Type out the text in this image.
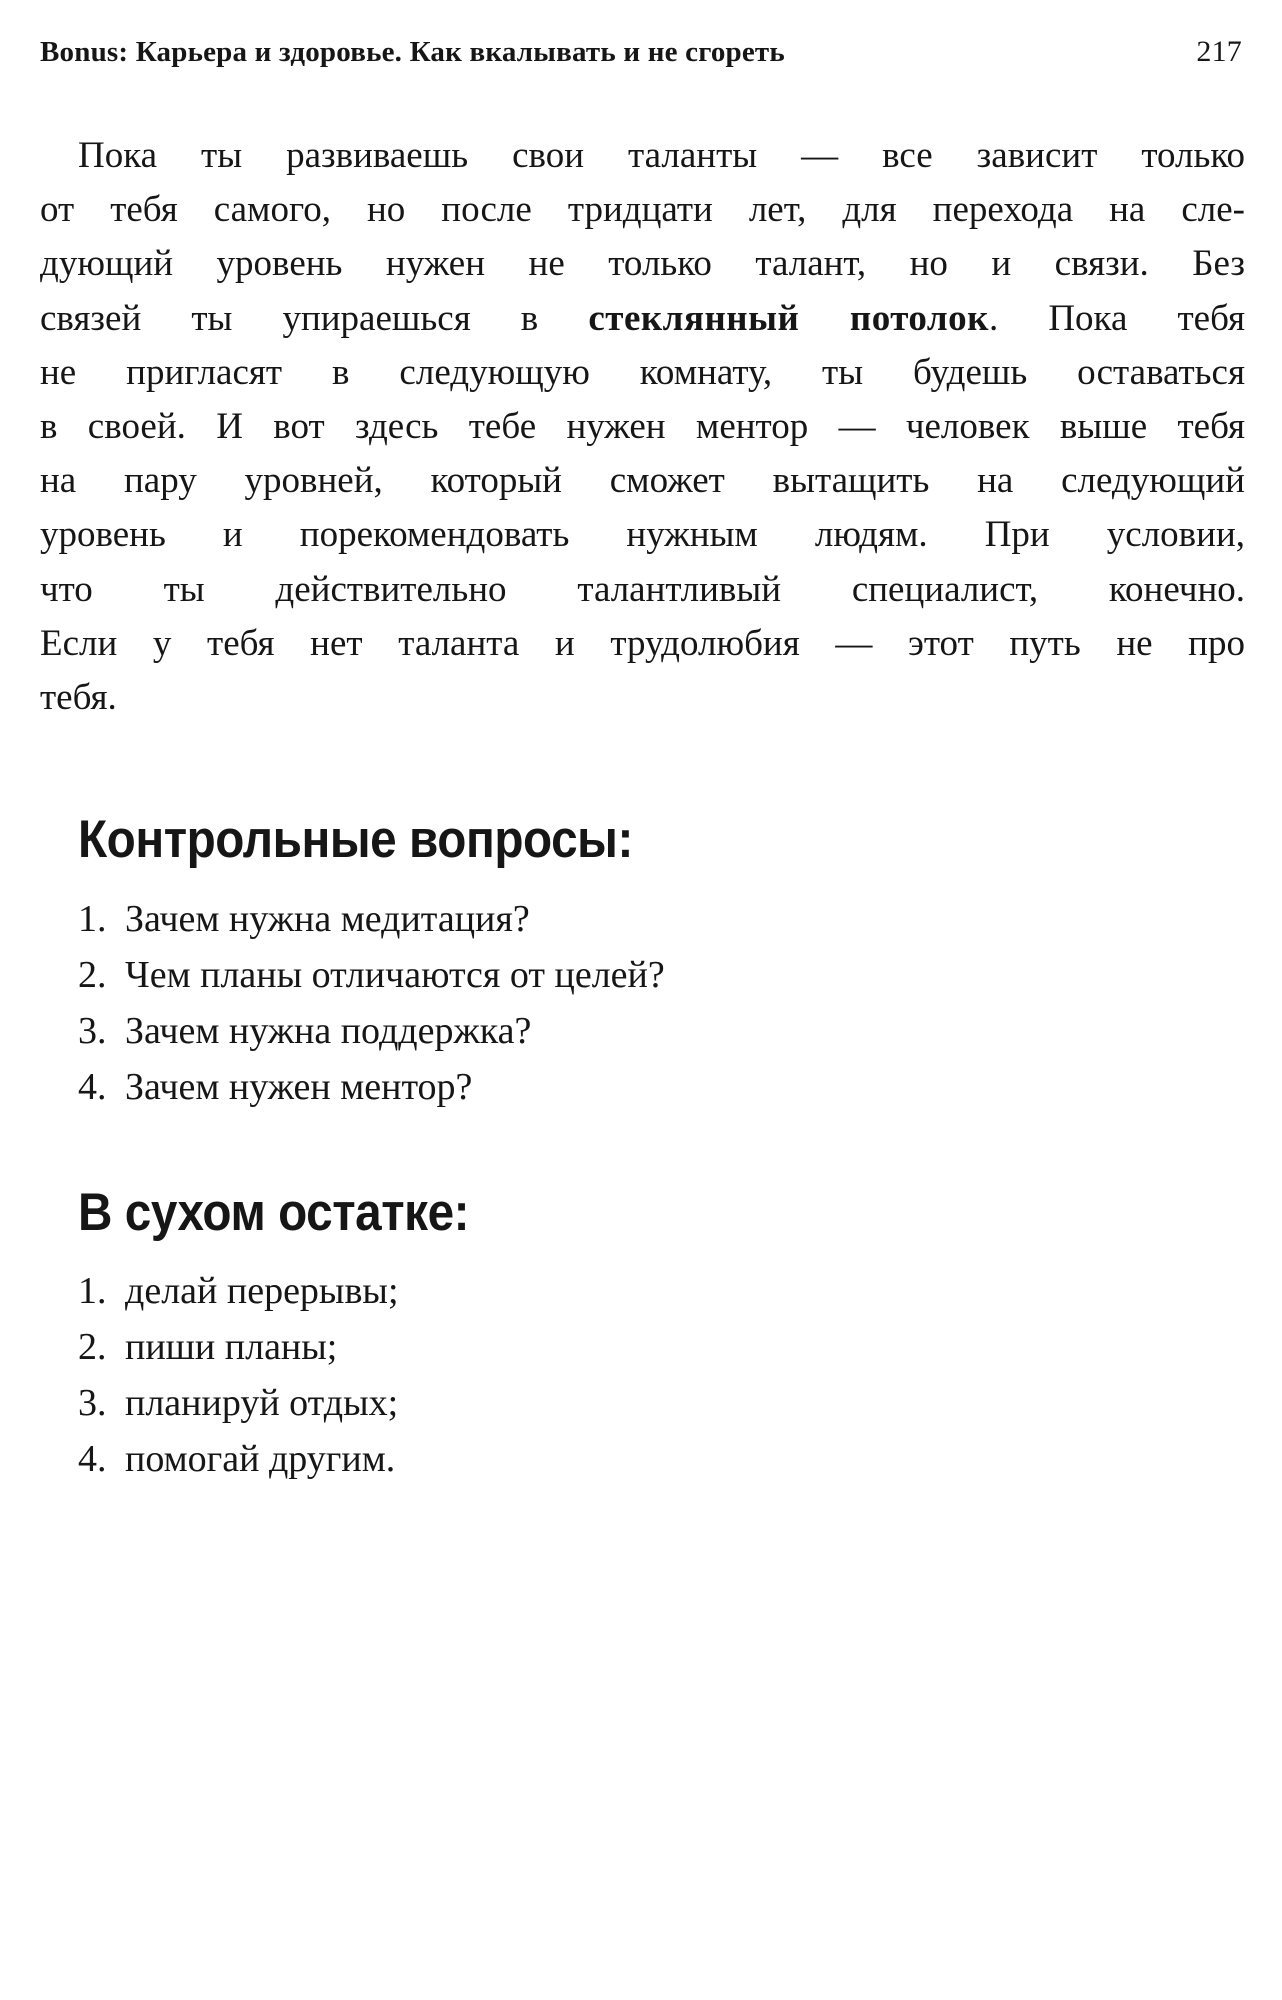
Bonus: Карьера и здоровье. Как вкалывать и не сгореть	217
Пока ты развиваешь свои таланты — все зависит только
от тебя самого, но после тридцати лет, для перехода на сле-
дующий уровень нужен не только талант, но и связи. Без
связей ты упираешься в стеклянный потолок. Пока тебя
не пригласят в следующую комнату, ты будешь оставаться
в своей. И вот здесь тебе нужен ментор — человек выше тебя
на пару уровней, который сможет вытащить на следующий
уровень и порекомендовать нужным людям. При условии,
что ты действительно талантливый специалист, конечно.
Если у тебя нет таланта и трудолюбия — этот путь не про
тебя.
Контрольные вопросы:
1. Зачем нужна медитация?
2. Чем планы отличаются от целей?
3. Зачем нужна поддержка?
4. Зачем нужен ментор?
В сухом остатке:
1. делай перерывы;
2. пиши планы;
3. планируй отдых;
4. помогай другим.
